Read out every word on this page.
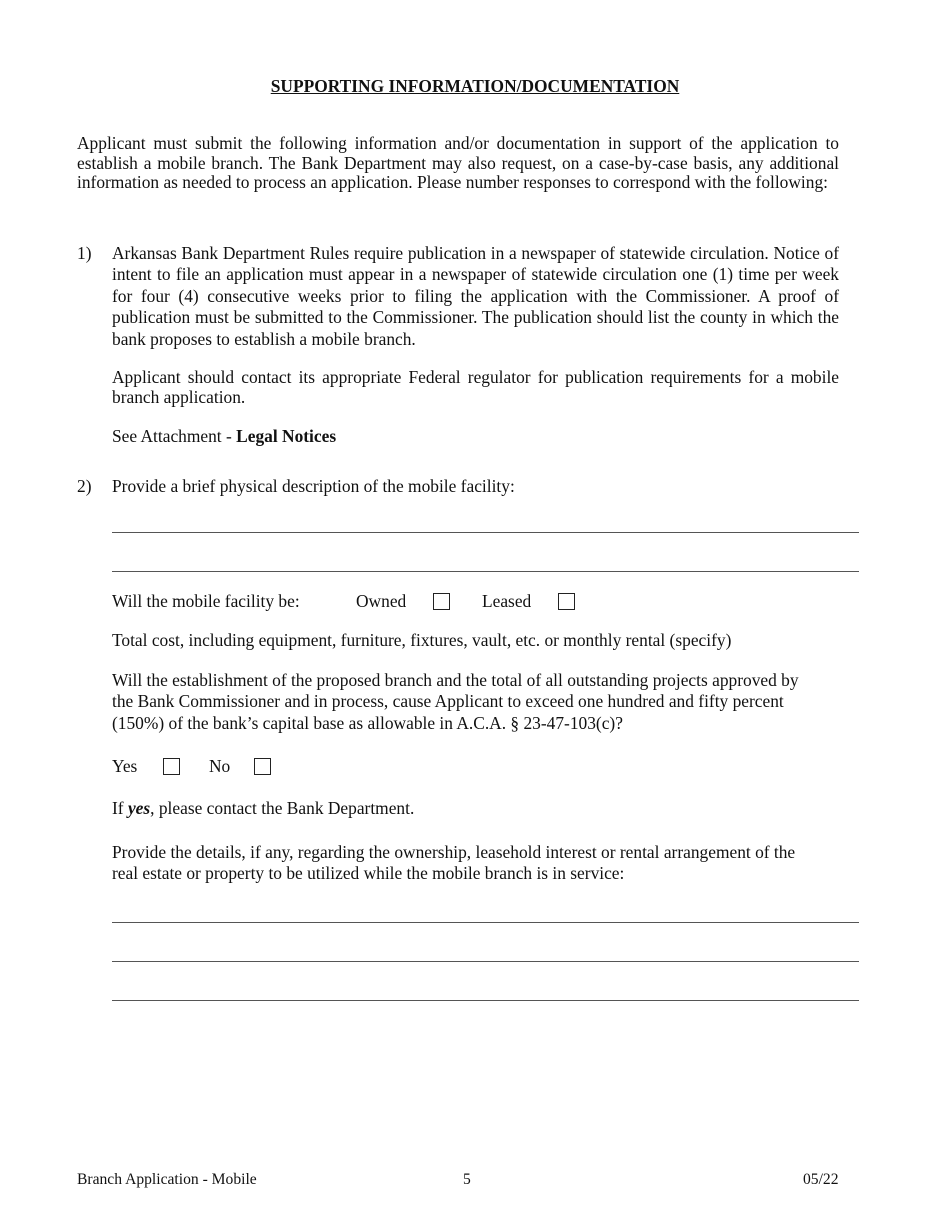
SUPPORTING INFORMATION/DOCUMENTATION
Applicant must submit the following information and/or documentation in support of the application to establish a mobile branch. The Bank Department may also request, on a case-by-case basis, any additional information as needed to process an application. Please number responses to correspond with the following:
1) Arkansas Bank Department Rules require publication in a newspaper of statewide circulation. Notice of intent to file an application must appear in a newspaper of statewide circulation one (1) time per week for four (4) consecutive weeks prior to filing the application with the Commissioner. A proof of publication must be submitted to the Commissioner. The publication should list the county in which the bank proposes to establish a mobile branch.
Applicant should contact its appropriate Federal regulator for publication requirements for a mobile branch application.
See Attachment - Legal Notices
2) Provide a brief physical description of the mobile facility:
Will the mobile facility be:	Owned	Leased
Total cost, including equipment, furniture, fixtures, vault, etc. or monthly rental (specify)
Will the establishment of the proposed branch and the total of all outstanding projects approved by
the Bank Commissioner and in process, cause Applicant to exceed one hundred and fifty percent
(150%) of the bank’s capital base as allowable in A.C.A. § 23-47-103(c)?
Yes	No
If yes, please contact the Bank Department.
Provide the details, if any, regarding the ownership, leasehold interest or rental arrangement of the
real estate or property to be utilized while the mobile branch is in service:
Branch Application - Mobile	5	05/22
